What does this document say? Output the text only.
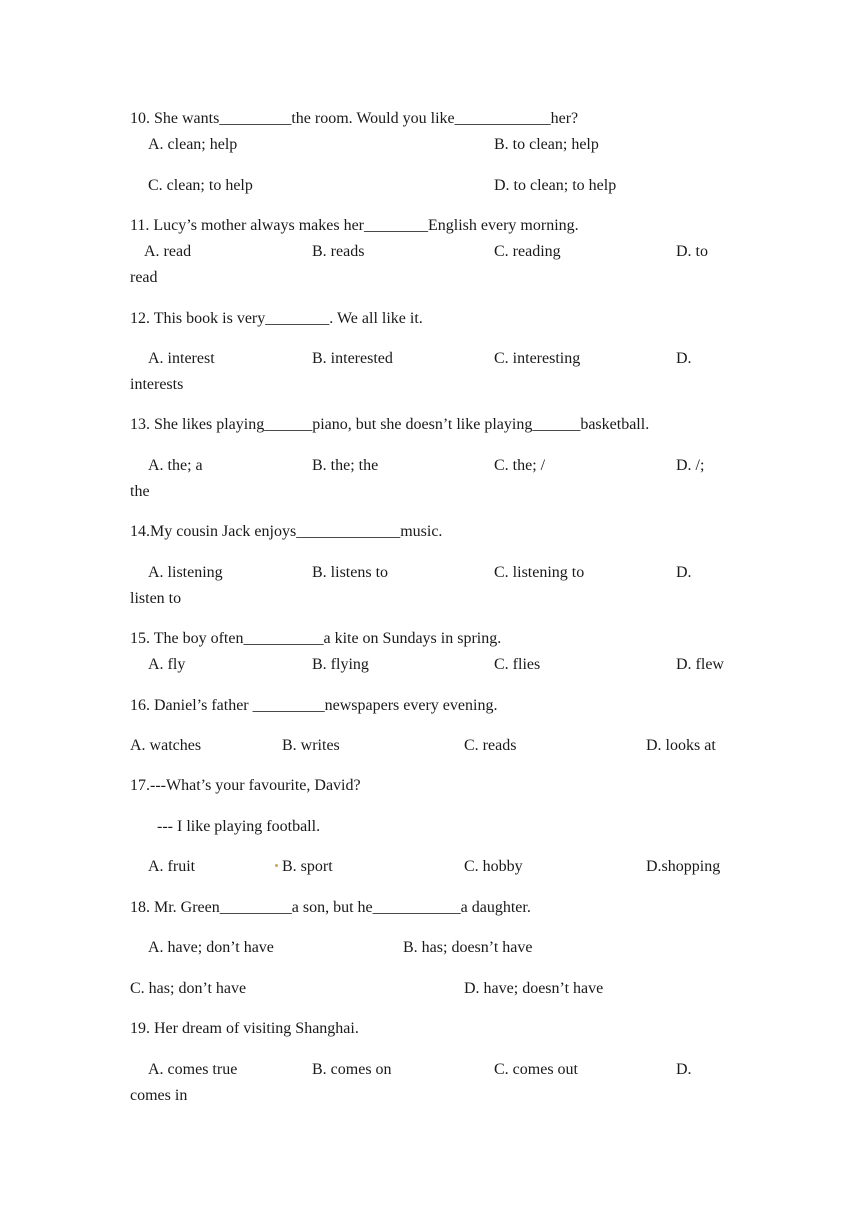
10. She wants_________the room. Would you like____________her?
A. clean; help	B. to clean; help
C. clean; to help	D. to clean; to help
11. Lucy’s mother always makes her________English every morning.
A. read	B. reads	C. reading	D. to
read
12. This book is very________. We all like it.
A. interest	B. interested	C. interesting	D.
interests
13. She likes playing______piano, but she doesn’t like playing______basketball.
A. the; a	B. the; the	C. the; /	D. /;
the
14.My cousin Jack enjoys_____________music.
A. listening	B. listens to	C. listening to	D.
listen to
15. The boy often__________a kite on Sundays in spring.
A. fly	B. flying	C. flies	D. flew
16. Daniel’s father _________newspapers every evening.
A. watches	B. writes	C. reads	D. looks at
17.---What’s your favourite, David?
--- I like playing football.
A. fruit	B. sport	C. hobby	D.shopping
18. Mr. Green_________a son, but he___________a daughter.
A. have; don’t have	B. has; doesn’t have
C. has; don’t have	D. have; doesn’t have
19. Her dream of visiting Shanghai.
A. comes true	B. comes on	C. comes out	D.
comes in
